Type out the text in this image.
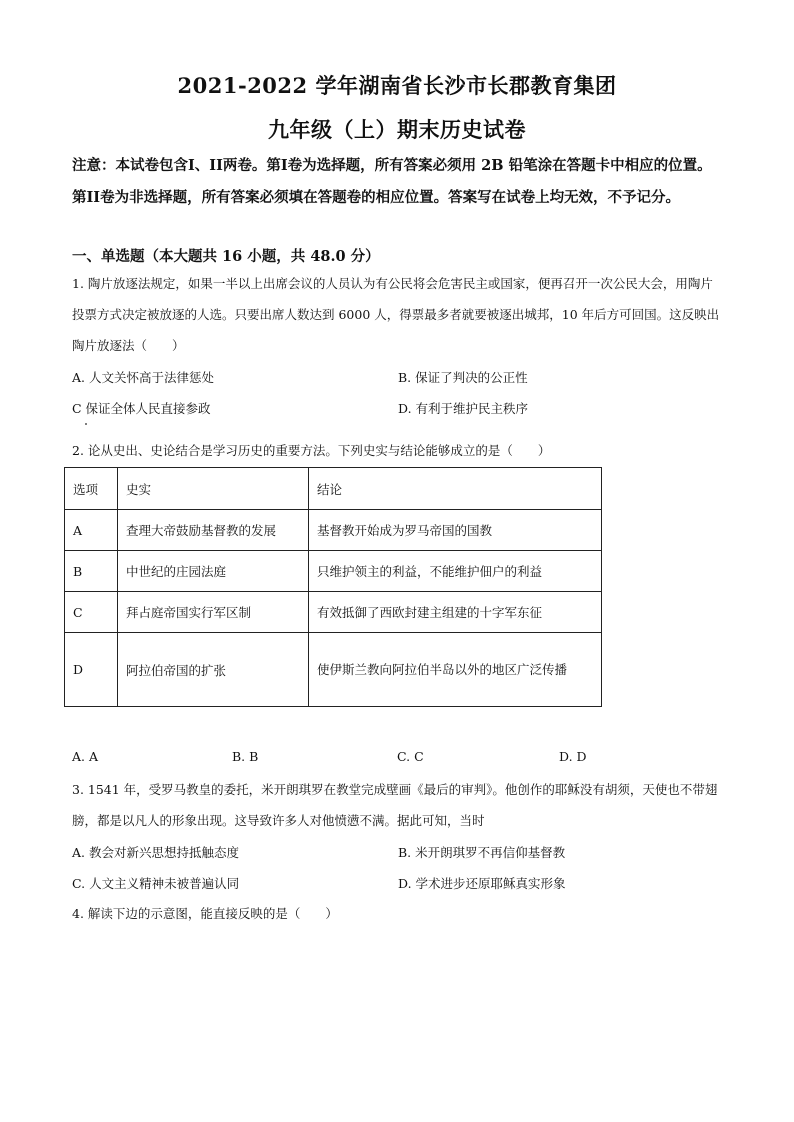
2021-2022 学年湖南省长沙市长郡教育集团
九年级（上）期末历史试卷
注意：本试卷包含I、II两卷。第I卷为选择题，所有答案必须用 2B 铅笔涂在答题卡中相应的位置。第II卷为非选择题，所有答案必须填在答题卷的相应位置。答案写在试卷上均无效，不予记分。
一、单选题（本大题共 16 小题，共 48.0 分）
1. 陶片放逐法规定，如果一半以上出席会议的人员认为有公民将会危害民主或国家，便再召开一次公民大会，用陶片投票方式决定被放逐的人选。只要出席人数达到 6000 人，得票最多者就要被逐出城邦，10 年后方可回国。这反映出陶片放逐法（　　）
A. 人文关怀高于法律惩处	B. 保证了判决的公正性
C 保证全体人民直接参政	D. 有利于维护民主秩序
2. 论从史出、史论结合是学习历史的重要方法。下列史实与结论能够成立的是（　　）
选项	史实	结论
A	查理大帝鼓励基督教的发展	基督教开始成为罗马帝国的国教
B	中世纪的庄园法庭	只维护领主的利益，不能维护佃户的利益
C	拜占庭帝国实行军区制	有效抵御了西欧封建主组建的十字军东征
D	阿拉伯帝国的扩张	使伊斯兰教向阿拉伯半岛以外的地区广泛传播
A. A	B. B	C. C	D. D
3. 1541 年，受罗马教皇的委托，米开朗琪罗在教堂完成壁画《最后的审判》。他创作的耶稣没有胡须，天使也不带翅膀，都是以凡人的形象出现。这导致许多人对他愤懑不满。据此可知，当时
A. 教会对新兴思想持抵触态度	B. 米开朗琪罗不再信仰基督教
C. 人文主义精神未被普遍认同	D. 学术进步还原耶稣真实形象
4. 解读下边的示意图，能直接反映的是（　　）
